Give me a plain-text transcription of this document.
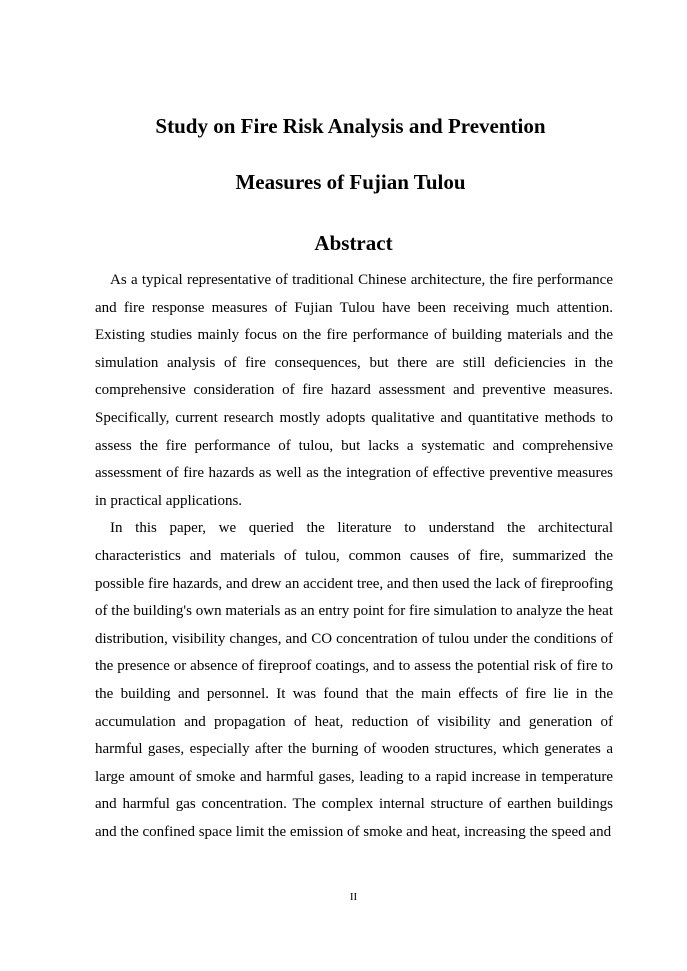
Study on Fire Risk Analysis and Prevention
Measures of Fujian Tulou
Abstract

As a typical representative of traditional Chinese architecture, the fire performance and fire response measures of Fujian Tulou have been receiving much attention. Existing studies mainly focus on the fire performance of building materials and the simulation analysis of fire consequences, but there are still deficiencies in the comprehensive consideration of fire hazard assessment and preventive measures. Specifically, current research mostly adopts qualitative and quantitative methods to assess the fire performance of tulou, but lacks a systematic and comprehensive assessment of fire hazards as well as the integration of effective preventive measures in practical applications.

In this paper, we queried the literature to understand the architectural characteristics and materials of tulou, common causes of fire, summarized the possible fire hazards, and drew an accident tree, and then used the lack of fireproofing of the building's own materials as an entry point for fire simulation to analyze the heat distribution, visibility changes, and CO concentration of tulou under the conditions of the presence or absence of fireproof coatings, and to assess the potential risk of fire to the building and personnel. It was found that the main effects of fire lie in the accumulation and propagation of heat, reduction of visibility and generation of harmful gases, especially after the burning of wooden structures, which generates a large amount of smoke and harmful gases, leading to a rapid increase in temperature and harmful gas concentration. The complex internal structure of earthen buildings and the confined space limit the emission of smoke and heat, increasing the speed and

II
